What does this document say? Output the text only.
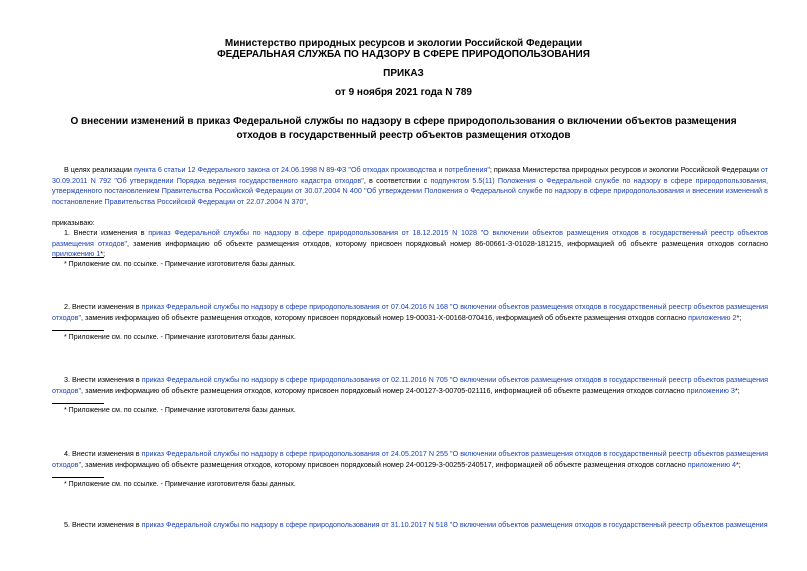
Министерство природных ресурсов и экологии Российской Федерации
ФЕДЕРАЛЬНАЯ СЛУЖБА ПО НАДЗОРУ В СФЕРЕ ПРИРОДОПОЛЬЗОВАНИЯ
ПРИКАЗ
от 9 ноября 2021 года N 789
О внесении изменений в приказ Федеральной службы по надзору в сфере природопользования о включении объектов размещения отходов в государственный реестр объектов размещения отходов
В целях реализации пункта 6 статьи 12 Федерального закона от 24.06.1998 N 89-ФЗ "Об отходах производства и потребления"; приказа Министерства природных ресурсов и экологии Российской Федерации от 30.09.2011 N 792 "Об утверждении Порядка ведения государственного кадастра отходов", в соответствии с подпунктом 5.5(11) Положения о Федеральной службе по надзору в сфере природопользования, утвержденного постановлением Правительства Российской Федерации от 30.07.2004 N 400 "Об утверждении Положения о Федеральной службе по надзору в сфере природопользования и внесении изменений в постановление Правительства Российской Федерации от 22.07.2004 N 370",
приказываю:
1. Внести изменения в приказ Федеральной службы по надзору в сфере природопользования от 18.12.2015 N 1028 "О включении объектов размещения отходов в государственный реестр объектов размещения отходов", заменив информацию об объекте размещения отходов, которому присвоен порядковый номер 86-00661-З-01028-181215, информацией об объекте размещения отходов согласно приложению 1*;
* Приложение см. по ссылке. - Примечание изготовителя базы данных.
2. Внести изменения в приказ Федеральной службы по надзору в сфере природопользования от 07.04.2016 N 168 "О включении объектов размещения отходов в государственный реестр объектов размещения отходов", заменив информацию об объекте размещения отходов, которому присвоен порядковый номер 19-00031-Х-00168-070416, информацией об объекте размещения отходов согласно приложению 2*;
* Приложение см. по ссылке. - Примечание изготовителя базы данных.
3. Внести изменения в приказ Федеральной службы по надзору в сфере природопользования от 02.11.2016 N 705 "О включении объектов размещения отходов в государственный реестр объектов размещения отходов", заменив информацию об объекте размещения отходов, которому присвоен порядковый номер 24-00127-З-00705-021116, информацией об объекте размещения отходов согласно приложению 3*;
* Приложение см. по ссылке. - Примечание изготовителя базы данных.
4. Внести изменения в приказ Федеральной службы по надзору в сфере природопользования от 24.05.2017 N 255 "О включении объектов размещения отходов в государственный реестр объектов размещения отходов", заменив информацию об объекте размещения отходов, которому присвоен порядковый номер 24-00129-З-00255-240517, информацией об объекте размещения отходов согласно приложению 4*;
* Приложение см. по ссылке. - Примечание изготовителя базы данных.
5. Внести изменения в приказ Федеральной службы по надзору в сфере природопользования от 31.10.2017 N 518 "О включении объектов размещения отходов в государственный реестр объектов размещения
